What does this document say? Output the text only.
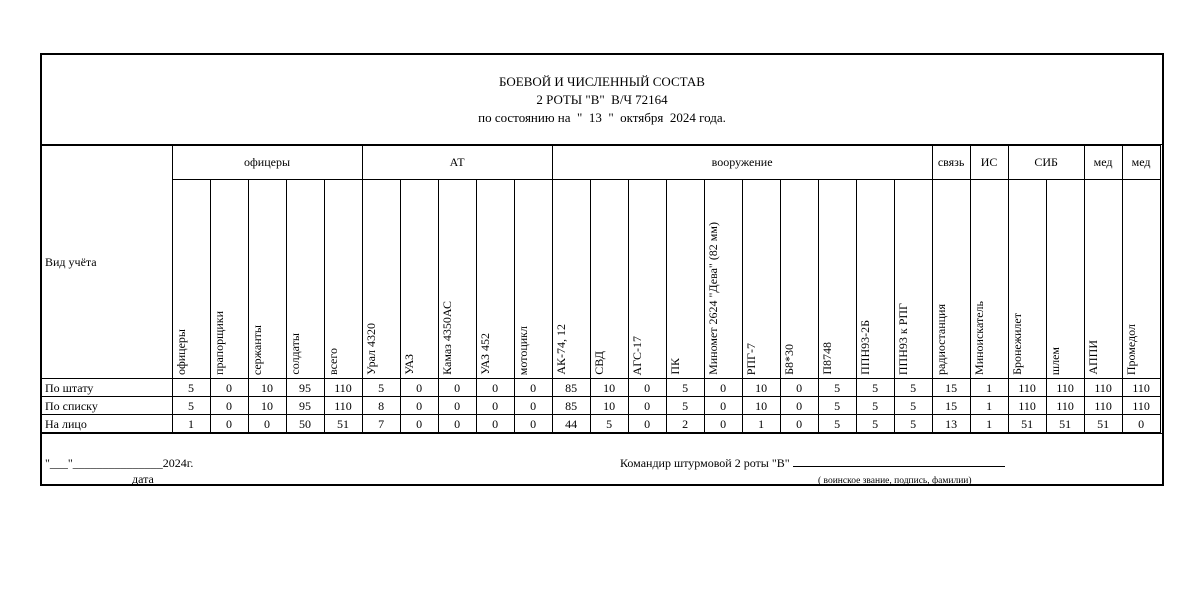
БОЕВОЙ И ЧИСЛЕННЫЙ СОСТАВ
2 РОТЫ "В"  В/Ч 72164
по состоянию на  "  13  "  октября  2024 года.
Вид учёта	офицеры					АТ					вооружение										связь	ИС	СИБ		мед	мед

	офицеры	прапорщики	сержанты	солдаты	всего	Урал 4320	УАЗ	Камаз 4350АС	УАЗ 452	мотоцикл	АК-74, 12	СВД	АГС-17	ПК	Миномет 2624 "Дева" (82 мм)	РПГ-7	Б8*30	П8748	ППН93-2Б	ППН93 к РПГ	радиостанция	Миноискатель	Бронежилет	шлем	АППИ	Промедол

По штату	5	0	10	95	110	5	0	0	0	0	85	10	0	5	0	10	0	5	5	5	15	1	110	110	110	110
По списку	5	0	10	95	110	8	0	0	0	0	85	10	0	5	0	10	0	5	5	5	15	1	110	110	110	110
На лицо	1	0	0	50	51	7	0	0	0	0	44	5	0	2	0	1	0	5	5	5	13	1	51	51	51	0
"___"_______________2024г.
дата
Командир штурмовой 2 роты "В"
( воинское звание, подпись, фамилии)
